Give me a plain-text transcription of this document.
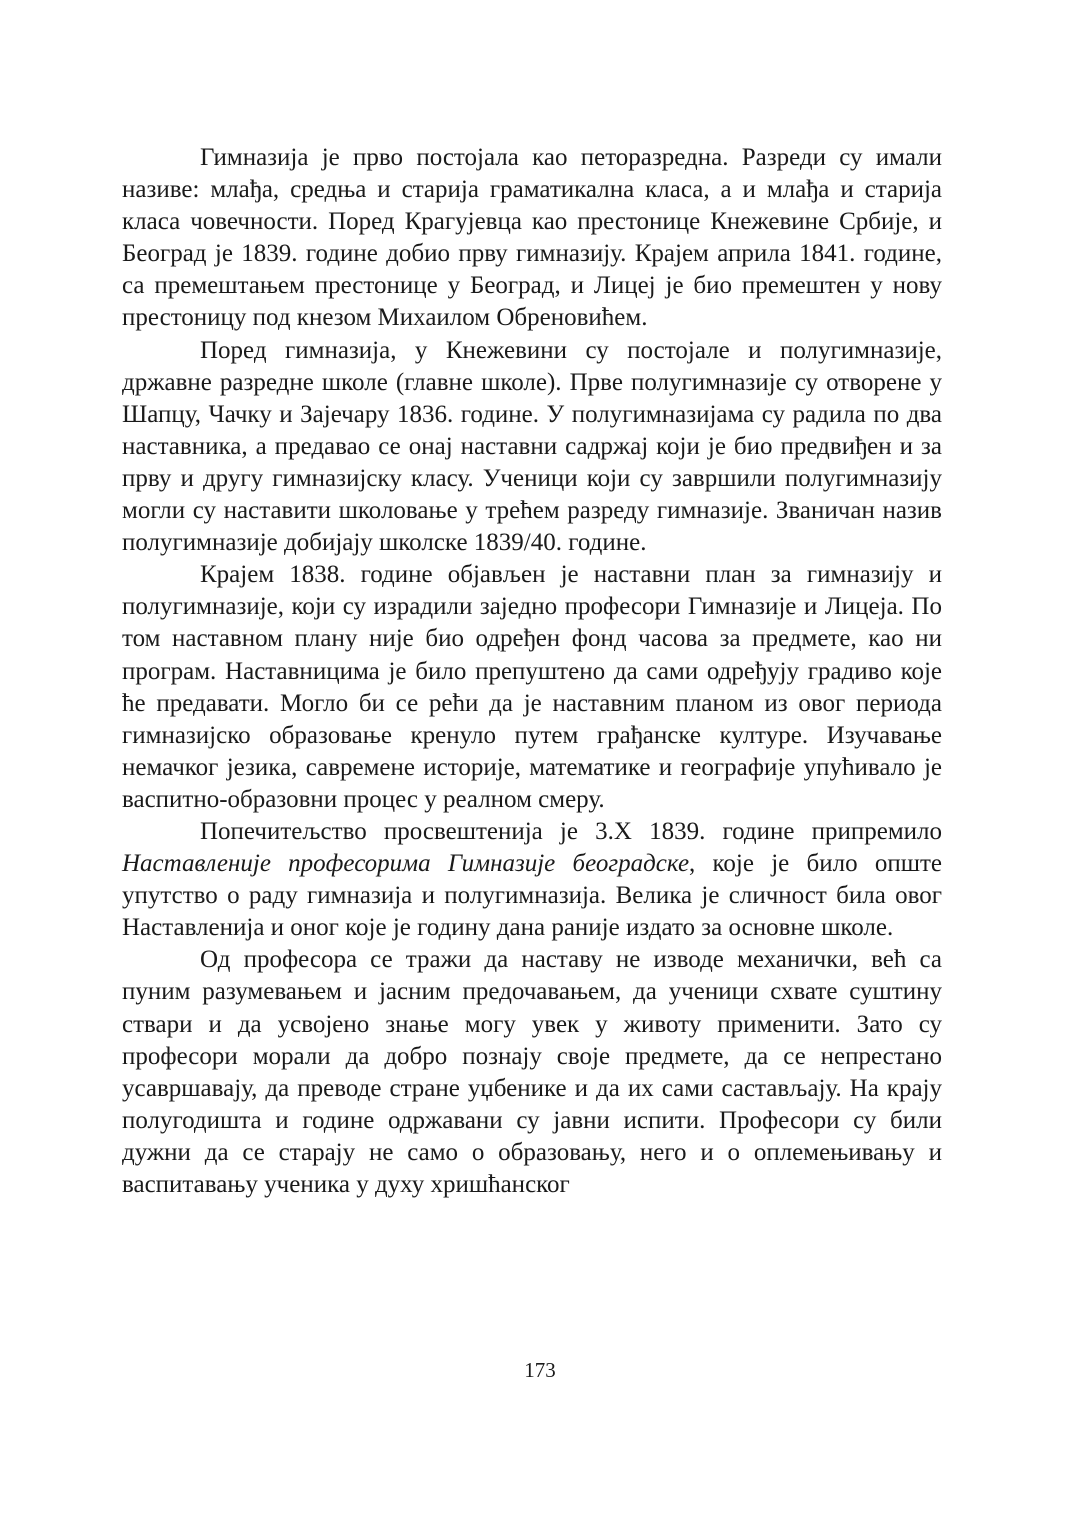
Гимназија је прво постојала као петоразредна. Разреди су имали називе: млађа, средња и старија граматикална класа, а и млађа и старија класа човечности. Поред Крагујевца као престонице Кнежевине Србије, и Београд је 1839. године добио прву гимназију. Крајем априла 1841. године, са премештањем престонице у Београд, и Лицеј је био премештен у нову престоницу под кнезом Михаилом Обреновићем.

Поред гимназија, у Кнежевини су постојале и полугимназије, државне разредне школе (главне школе). Прве полугимназије су отворене у Шапцу, Чачку и Зајечару 1836. године. У полугимназијама су радила по два наставника, а предавао се онај наставни садржај који је био предвиђен и за прву и другу гимназијску класу. Ученици који су завршили полугимназију могли су наставити школовање у трећем разреду гимназије. Званичан назив полугимназије добијају школске 1839/40. године.

Крајем 1838. године објављен је наставни план за гимназију и полугимназије, који су израдили заједно професори Гимназије и Лицеја. По том наставном плану није био одређен фонд часова за предмете, као ни програм. Наставницима је било препуштено да сами одређују градиво које ће предавати. Могло би се рећи да је наставним планом из овог периода гимназијско образовање кренуло путем грађанске културе. Изучавање немачког језика, савремене историје, математике и географије упућивало је васпитно-образовни процес у реалном смеру.

Попечитељство просвештенија је 3.X 1839. године припремило Наставленије професорима Гимназије београдске, које је било опште упутство о раду гимназија и полугимназија. Велика је сличност била овог Наставленија и оног које је годину дана раније издато за основне школе.

Од професора се тражи да наставу не изводе механички, већ са пуним разумевањем и јасним предочавањем, да ученици схвате суштину ствари и да усвојено знање могу увек у животу применити. Зато су професори морали да добро познају своје предмете, да се непрестано усавршавају, да преводе стране уџбенике и да их сами састављају. На крају полугодишта и године одржавани су јавни испити. Професори су били дужни да се старају не само о образовању, него и о оплемењивању и васпитавању ученика у духу хришћанског

173
